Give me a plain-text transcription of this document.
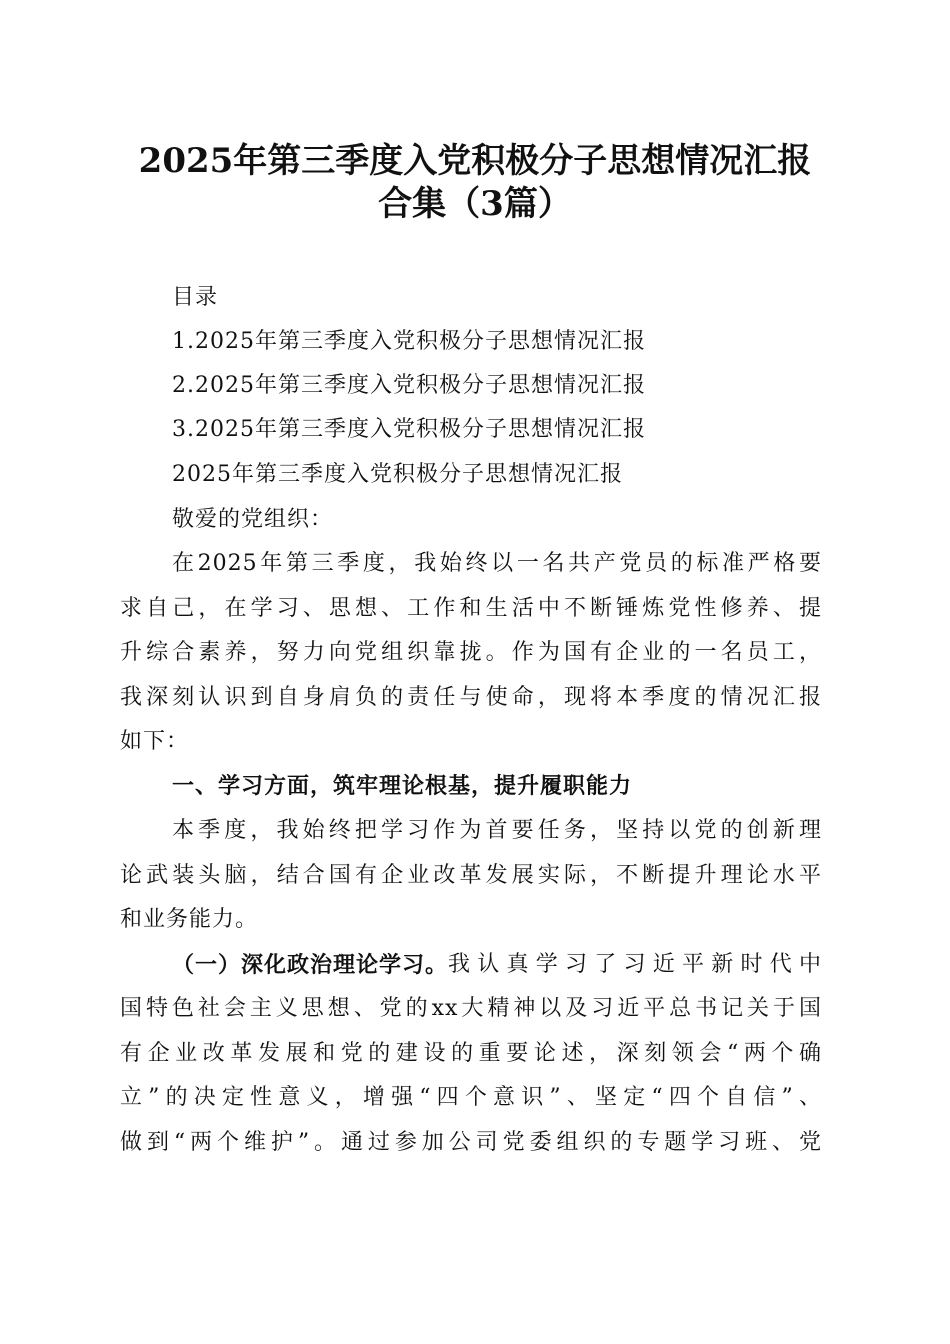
2025年第三季度入党积极分子思想情况汇报
合集（3篇）
目录
1.2025年第三季度入党积极分子思想情况汇报
2.2025年第三季度入党积极分子思想情况汇报
3.2025年第三季度入党积极分子思想情况汇报
2025年第三季度入党积极分子思想情况汇报
敬爱的党组织：
在2025年第三季度，我始终以一名共产党员的标准严格要
求自己，在学习、思想、工作和生活中不断锤炼党性修养、提
升综合素养，努力向党组织靠拢。作为国有企业的一名员工，
我深刻认识到自身肩负的责任与使命，现将本季度的情况汇报
如下：
一、学习方面，筑牢理论根基，提升履职能力
本季度，我始终把学习作为首要任务，坚持以党的创新理
论武装头脑，结合国有企业改革发展实际，不断提升理论水平
和业务能力。
（一）深化政治理论学习。 我认真学习了习近平新时代中
国特色社会主义思想、党的xx大精神以及习近平总书记关于国
有企业改革发展和党的建设的重要论述，深刻领会“两个确
立”的决定性意义，增强“四个意识”、坚定“四个自信”、
做到“两个维护”。通过参加公司党委组织的专题学习班、党
